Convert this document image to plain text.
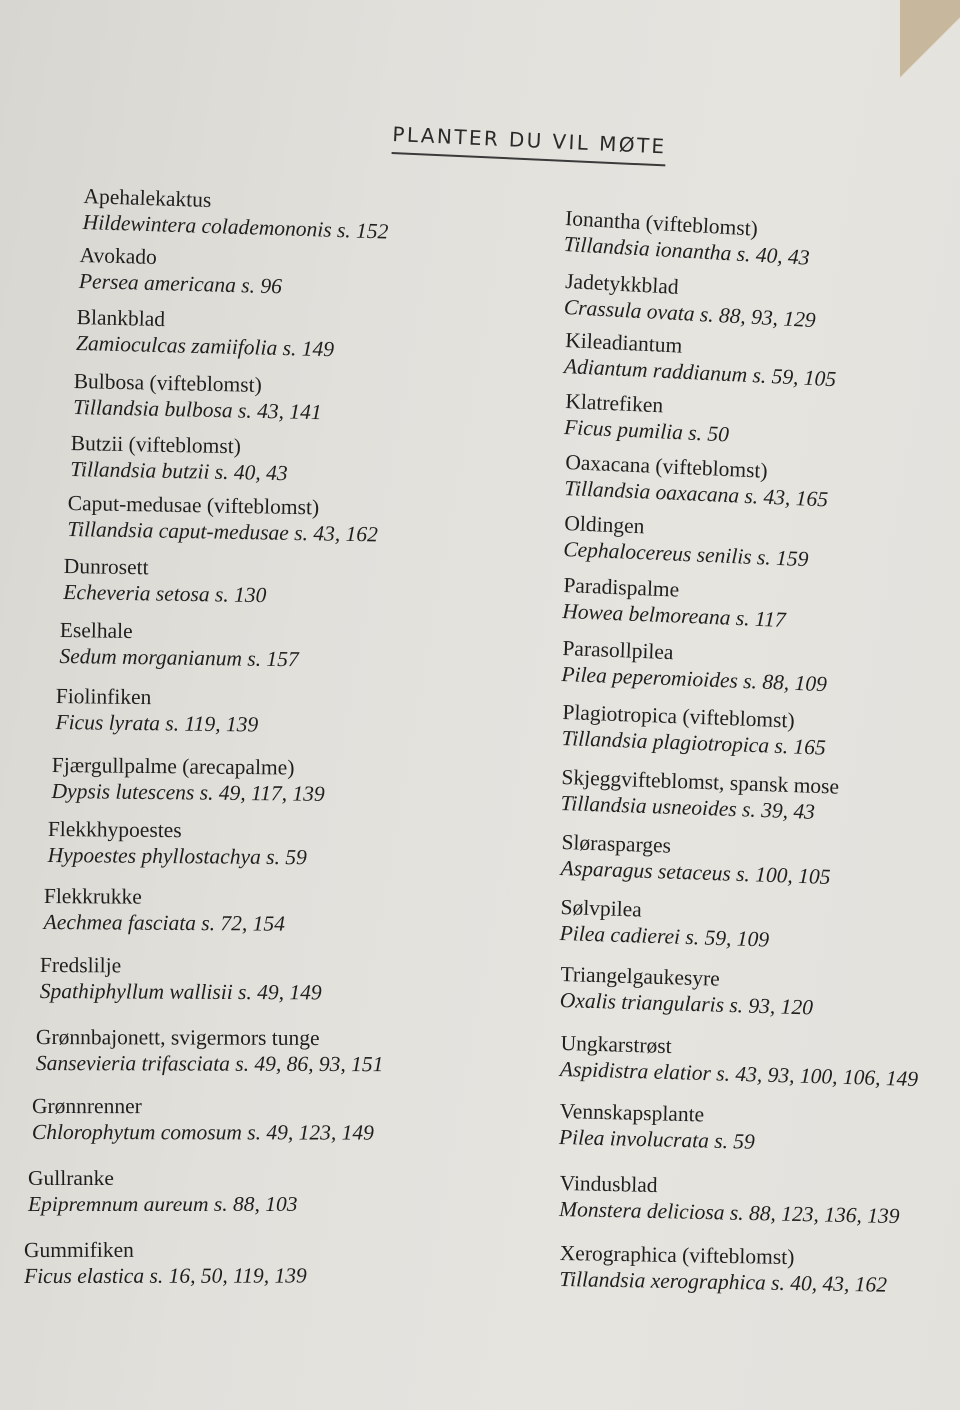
PLANTER DU VIL MØTE
Apehalekaktus
Hildewintera colademononis s. 152
Avokado
Persea americana s. 96
Blankblad
Zamioculcas zamiifolia s. 149
Bulbosa (vifteblomst)
Tillandsia bulbosa s. 43, 141
Butzii (vifteblomst)
Tillandsia butzii s. 40, 43
Caput-medusae (vifteblomst)
Tillandsia caput-medusae s. 43, 162
Dunrosett
Echeveria setosa s. 130
Eselhale
Sedum morganianum s. 157
Fiolinfiken
Ficus lyrata s. 119, 139
Fjærgullpalme (arecapalme)
Dypsis lutescens s. 49, 117, 139
Flekkhypoestes
Hypoestes phyllostachya s. 59
Flekkrukke
Aechmea fasciata s. 72, 154
Fredslilje
Spathiphyllum wallisii s. 49, 149
Grønnbajonett, svigermors tunge
Sansevieria trifasciata s. 49, 86, 93, 151
Grønnrenner
Chlorophytum comosum s. 49, 123, 149
Gullranke
Epipremnum aureum s. 88, 103
Gummifiken
Ficus elastica s. 16, 50, 119, 139
Ionantha (vifteblomst)
Tillandsia ionantha s. 40, 43
Jadetykkblad
Crassula ovata s. 88, 93, 129
Kileadiantum
Adiantum raddianum s. 59, 105
Klatrefiken
Ficus pumilia s. 50
Oaxacana (vifteblomst)
Tillandsia oaxacana s. 43, 165
Oldingen
Cephalocereus senilis s. 159
Paradispalme
Howea belmoreana s. 117
Parasollpilea
Pilea peperomioides s. 88, 109
Plagiotropica (vifteblomst)
Tillandsia plagiotropica s. 165
Skjeggvifteblomst, spansk mose
Tillandsia usneoides s. 39, 43
Slørasparges
Asparagus setaceus s. 100, 105
Sølvpilea
Pilea cadierei s. 59, 109
Triangelgaukesyre
Oxalis triangularis s. 93, 120
Ungkarstrøst
Aspidistra elatior s. 43, 93, 100, 106, 149
Vennskapsplante
Pilea involucrata s. 59
Vindusblad
Monstera deliciosa s. 88, 123, 136, 139
Xerographica (vifteblomst)
Tillandsia xerographica s. 40, 43, 162
